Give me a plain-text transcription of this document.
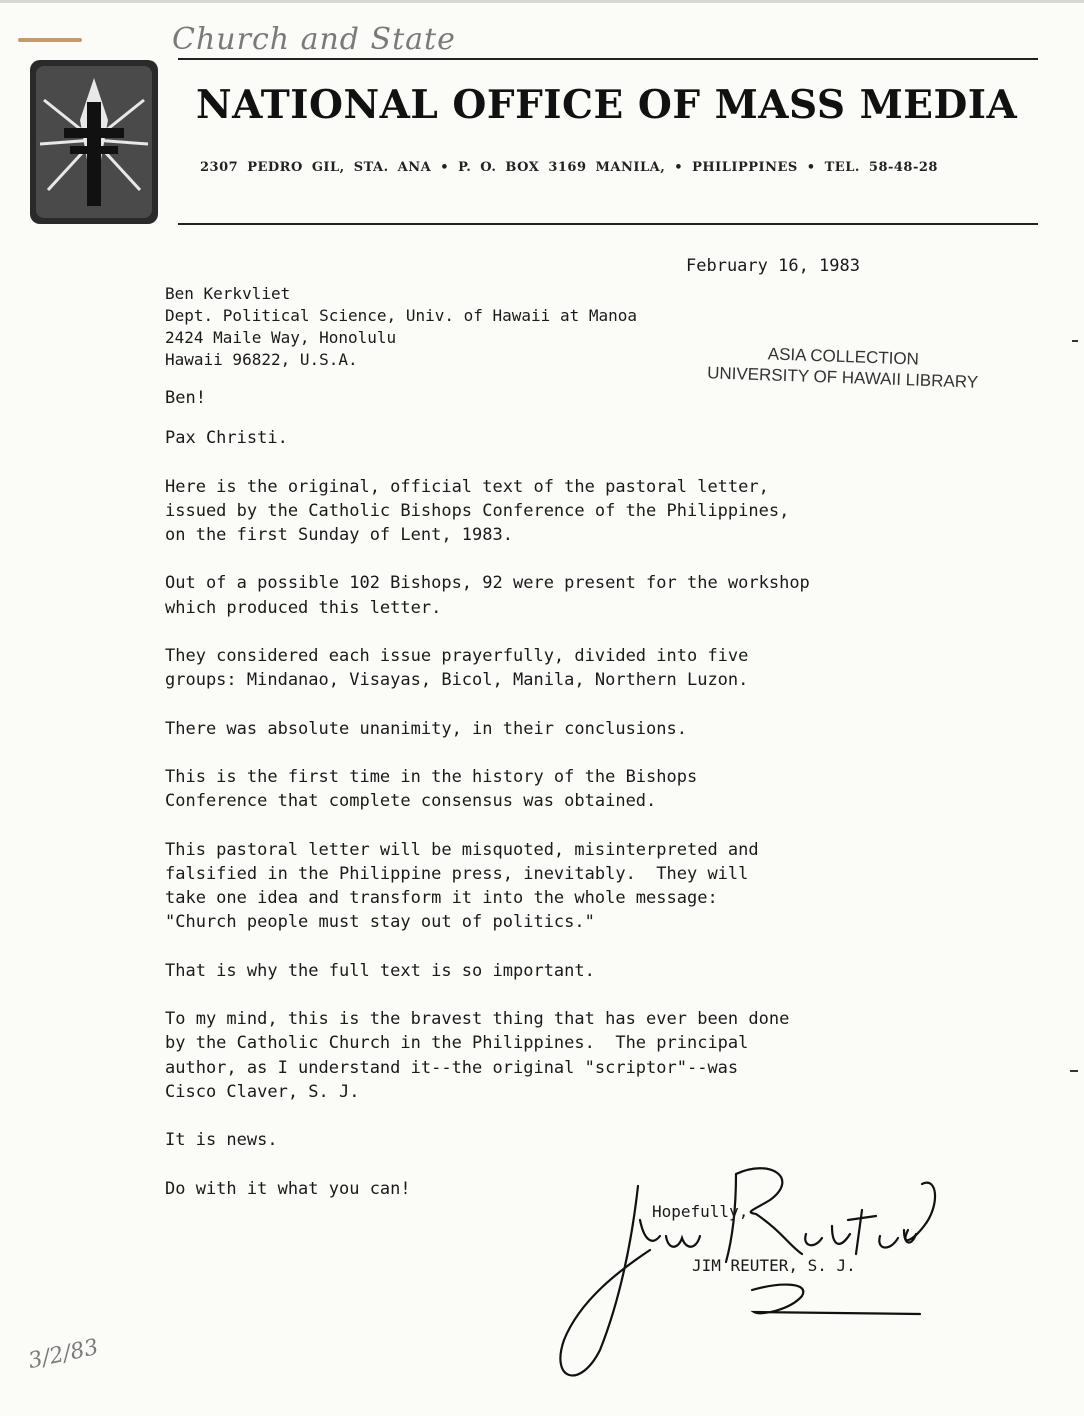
Church and State
NATIONAL OFFICE OF MASS MEDIA
2307 PEDRO GIL, STA. ANA • P. O. BOX 3169 MANILA, • PHILIPPINES • TEL. 58-48-28
February 16, 1983
Ben Kerkvliet
Dept. Political Science, Univ. of Hawaii at Manoa
2424 Maile Way, Honolulu
Hawaii 96822, U.S.A.	ASIA COLLECTION
UNIVERSITY OF HAWAII LIBRARY

Ben!

Pax Christi.

Here is the original, official text of the pastoral letter,
issued by the Catholic Bishops Conference of the Philippines,
on the first Sunday of Lent, 1983.

Out of a possible 102 Bishops, 92 were present for the workshop
which produced this letter.

They considered each issue prayerfully, divided into five
groups: Mindanao, Visayas, Bicol, Manila, Northern Luzon.

There was absolute unanimity, in their conclusions.

This is the first time in the history of the Bishops
Conference that complete consensus was obtained.

This pastoral letter will be misquoted, misinterpreted and
falsified in the Philippine press, inevitably.  They will
take one idea and transform it into the whole message:
"Church people must stay out of politics."

That is why the full text is so important.

To my mind, this is the bravest thing that has ever been done
by the Catholic Church in the Philippines.  The principal
author, as I understand it--the original "scriptor"--was
Cisco Claver, S. J.

It is news.

Do with it what you can!

Hopefully,
JIM REUTER, S. J.
3/2/83
